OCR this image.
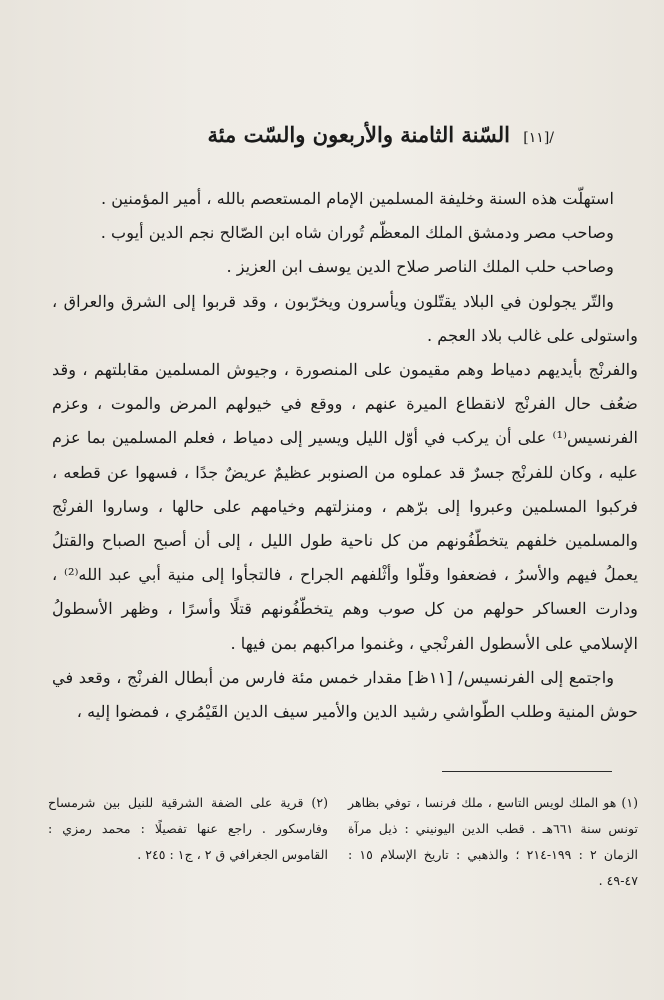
/[١١] السّنة الثامنة والأربعون والسّت مئة

استهلّت هذه السنة وخليفة المسلمين الإمام المستعصم بالله ، أمير المؤمنين .

وصاحب مصر ودمشق الملك المعظّم تُوران شاه ابن الصّالح نجم الدين أيوب .

وصاحب حلب الملك الناصر صلاح الدين يوسف ابن العزيز .

والتّر يجولون في البلاد يقتّلون ويأسرون ويخرّبون ، وقد قربوا إلى الشرق والعراق ، واستولى على غالب بلاد العجم .

والفرنْج بأيديهم دمياط وهم مقيمون على المنصورة ، وجيوش المسلمين مقابلتهم ، وقد ضعُف حال الفرنْج لانقطاع الميرة عنهم ، ووقع في خيولهم المرض والموت ، وعزم الفرنسيس⁽¹⁾ على أن يركب في أوّل الليل ويسير إلى دمياط ، فعلم المسلمين بما عزم عليه ، وكان للفرنْج جسرٌ قد عملوه من الصنوبر عظيمٌ عريضٌ جدًا ، فسهوا عن قطعه ، فركبوا المسلمين وعبروا إلى برّهم ، ومنزلتهم وخيامهم على حالها ، وساروا الفرنْج والمسلمين خلفهم يتخطّفُونهم من كل ناحية طول الليل ، إلى أن أصبح الصباح والقتلُ يعملُ فيهم والأسرُ ، فضعفوا وقلّوا وأثْلفهم الجراح ، فالتجأوا إلى منية أبي عبد الله⁽²⁾ ، ودارت العساكر حولهم من كل صوب وهم يتخطّفُونهم قتلًا وأسرًا ، وظهر الأسطولُ الإسلامي على الأسطول الفرنْجي ، وغنموا مراكبهم بمن فيها .

واجتمع إلى الفرنسيس/ [١١ظ] مقدار خمس مئة فارس من أبطال الفرنْج ، وقعد في حوش المنية وطلب الطّواشي رشيد الدين والأمير سيف الدين القَيْمُري ، فمضوا إليه ،

(١) هو الملك لويس التاسع ، ملك فرنسا ، توفي بظاهر تونس سنة ٦٦١هـ . قطب الدين اليونيني : ذيل مرآة الزمان ٢ : ١٩٩-٢١٤ ؛ والذهبي : تاريخ الإسلام ١٥ : ٤٧-٤٩ .
(٢) قرية على الضفة الشرقية للنيل بين شرمساح وفارسكور . راجع عنها تفصيلًا : محمد رمزي : القاموس الجغرافي ق ٢ ، ج١ : ٢٤٥ .
